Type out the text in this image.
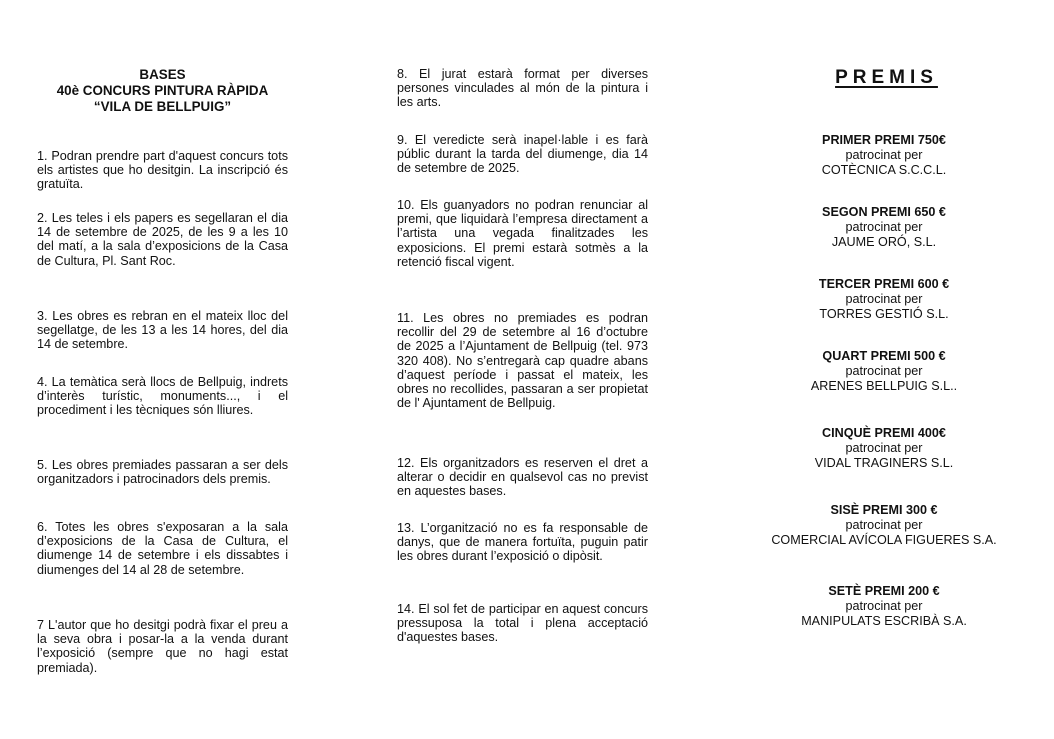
BASES
40è CONCURS PINTURA RÀPIDA
“VILA DE BELLPUIG”

1. Podran prendre part d'aquest concurs tots els artistes que ho desitgin. La inscripció és gratuïta.

2. Les teles i els papers es segellaran el dia 14 de setembre de 2025, de les 9 a les 10 del matí, a la sala d’exposicions de la Casa de Cultura, Pl. Sant Roc.

3. Les obres es rebran en el mateix lloc del segellatge, de les 13 a les 14 hores, del dia 14 de setembre.

4. La temàtica serà llocs de Bellpuig, indrets d’interès turístic, monuments..., i el procediment i les tècniques són lliures.

5. Les obres premiades passaran a ser dels organitzadors i patrocinadors dels premis.

6. Totes les obres s'exposaran a la sala d’exposicions de la Casa de Cultura, el diumenge 14 de setembre i els dissabtes i diumenges del 14 al 28 de setembre.

7 L'autor que ho desitgi podrà fixar el preu a la seva obra i posar-la a la venda durant l’exposició (sempre que no hagi estat premiada).

8. El jurat estarà format per diverses persones vinculades al món de la pintura i les arts.

9. El veredicte serà inapel·lable i es farà públic durant la tarda del diumenge, dia 14 de setembre de 2025.

10. Els guanyadors no podran renunciar al premi, que liquidarà l’empresa directament a l’artista una vegada finalitzades les exposicions. El premi estarà sotmès a la retenció fiscal vigent.

11. Les obres no premiades es podran recollir del 29 de setembre al 16 d’octubre de 2025 a l’Ajuntament de Bellpuig (tel. 973 320 408). No s’entregarà cap quadre abans d’aquest període i passat el mateix, les obres no recollides, passaran a ser propietat de l' Ajuntament de Bellpuig.

12. Els organitzadors es reserven el dret a alterar o decidir en qualsevol cas no previst en aquestes bases.

13. L’organització no es fa responsable de danys, que de manera fortuïta, puguin patir les obres durant l’exposició o dipòsit.

14. El sol fet de participar en aquest concurs pressuposa la total i plena acceptació d'aquestes bases.

PREMIS
PRIMER PREMI 750€
patrocinat per
COTÈCNICA S.C.C.L.
SEGON PREMI 650 €
patrocinat per
JAUME ORÓ, S.L.
TERCER PREMI 600 €
patrocinat per
TORRES GESTIÓ S.L.
QUART PREMI 500 €
patrocinat per
ARENES BELLPUIG S.L..
CINQUÈ PREMI 400€
patrocinat per
VIDAL TRAGINERS S.L.
SISÈ PREMI 300 €
patrocinat per
COMERCIAL AVÍCOLA FIGUERES S.A.
SETÈ PREMI 200 €
patrocinat per
MANIPULATS ESCRIBÀ S.A.
